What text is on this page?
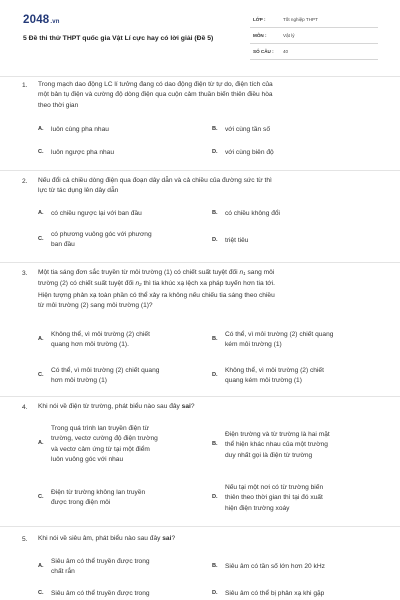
2048.vn
5 Đề thi thử THPT quốc gia Vật Lí cực hay có lời giải (Đề 5)
LỚP :	Tốt nghiệp THPT
MÔN :	Vật lý
SỐ CÂU : 40
1. Trong mạch dao động LC lí tưởng đang có dao động điện từ tự do, điện tích của
một bản tụ điện và cường độ dòng điện qua cuộn cảm thuần biến thiên điều hòa
theo thời gian
A. luôn cùng pha nhau	B. với cùng tần số
C. luôn ngược pha nhau	D. với cùng biên độ
2. Nếu đổi cả chiều dòng điện qua đoạn dây dẫn và cả chiều của đường sức từ thì
lực từ tác dụng lên dây dẫn
A. có chiều ngược lại với ban đầu	B. có chiều không đổi
C.
có phương vuông góc với phương
ban đầu
D. triệt tiêu
3. Một tia sáng đơn sắc truyền từ môi trường (1) có chiết suất tuyệt đối $n_1$ sang môi
trường (2) có chiết suất tuyệt đối $n_2$ thì tia khúc xạ lệch xa pháp tuyến hơn tia tới.
Hiện tượng phản xạ toàn phần có thể xảy ra không nếu chiếu tia sáng theo chiều
từ môi trường (2) sang môi trường (1)?
A.
Không thể, vì môi trường (2) chiết
quang hơn môi trường (1).
B.
Có thể, vì môi trường (2) chiết quang
kém môi trường (1)
C.
Có thể, vì môi trường (2) chiết quang
hơn môi trường (1)
D.
Không thể, vì môi trường (2) chiết
quang kém môi trường (1)
4. Khi nói về điện từ trường, phát biểu nào sau đây sai?
A.
Trong quá trình lan truyền điện từ
trường, vectơ cường độ điện trường
và vectơ cảm ứng từ tại một điểm
luôn vuông góc với nhau
B.
Điện trường và từ trường là hai mặt
thể hiện khác nhau của một trường
duy nhất gọi là điện từ trường
C.
Điện từ trường không lan truyền
được trong điện môi
D.
Nếu tại một nơi có từ trường biến
thiên theo thời gian thì tại đó xuất
hiện điện trường xoáy
5. Khi nói về siêu âm, phát biểu nào sau đây sai?
A.
Siêu âm có thể truyền được trong
chất rắn
B. Siêu âm có tần số lớn hơn 20 kHz
C. Siêu âm có thể truyền được trong	D. Siêu âm có thể bị phản xạ khi gặp
